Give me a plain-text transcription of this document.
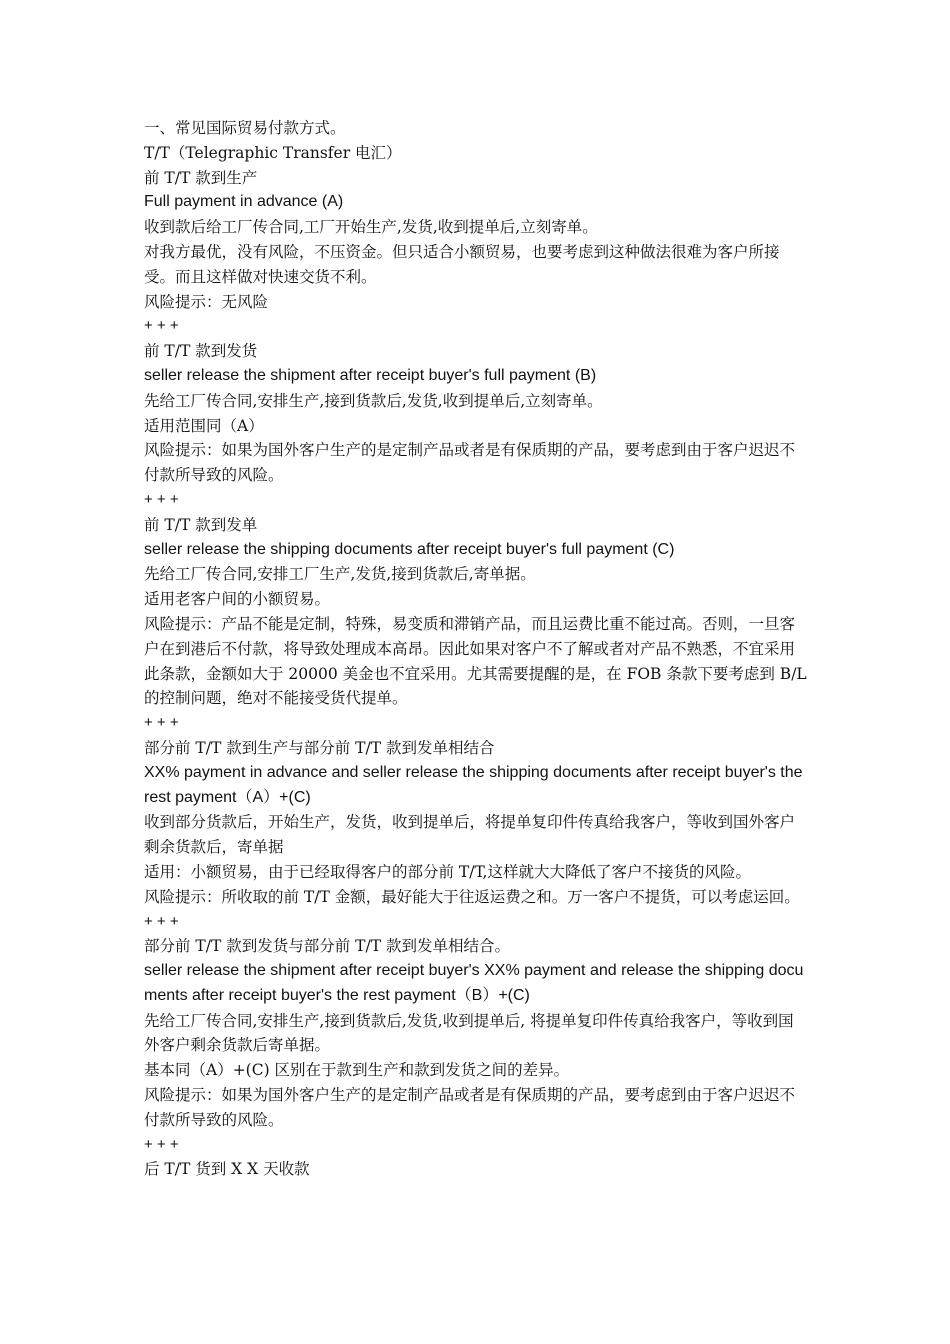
一、常见国际贸易付款方式。

T/T（Telegraphic Transfer 电汇）

前 T/T 款到生产

Full payment in advance (A)

收到款后给工厂传合同,工厂开始生产,发货,收到提单后,立刻寄单。

对我方最优，没有风险，不压资金。但只适合小额贸易，也要考虑到这种做法很难为客户所接受。而且这样做对快速交货不利。

风险提示：无风险

+ + +

前 T/T 款到发货

seller release the shipment after receipt buyer's full payment (B)

先给工厂传合同,安排生产,接到货款后,发货,收到提单后,立刻寄单。

适用范围同（A）

风险提示：如果为国外客户生产的是定制产品或者是有保质期的产品，要考虑到由于客户迟迟不付款所导致的风险。

+ + +

前 T/T 款到发单

seller release the shipping documents after receipt buyer's full payment (C)

先给工厂传合同,安排工厂生产,发货,接到货款后,寄单据。

适用老客户间的小额贸易。

风险提示：产品不能是定制，特殊，易变质和滞销产品，而且运费比重不能过高。否则，一旦客户在到港后不付款，将导致处理成本高昂。因此如果对客户不了解或者对产品不熟悉，不宜采用此条款，金额如大于 20000 美金也不宜采用。尤其需要提醒的是，在 FOB 条款下要考虑到 B/L 的控制问题，绝对不能接受货代提单。

+ + +

部分前 T/T 款到生产与部分前 T/T 款到发单相结合

XX% payment in advance and seller release the shipping documents after receipt buyer's the rest payment（A）+(C)

收到部分货款后，开始生产，发货，收到提单后，将提单复印件传真给我客户，等收到国外客户剩余货款后，寄单据

适用：小额贸易，由于已经取得客户的部分前 T/T,这样就大大降低了客户不接货的风险。

风险提示：所收取的前 T/T 金额，最好能大于往返运费之和。万一客户不提货，可以考虑运回。

+ + +

部分前 T/T 款到发货与部分前 T/T 款到发单相结合。

seller release the shipment after receipt buyer's XX% payment and release the shipping documents after receipt buyer's the rest payment（B）+(C)

先给工厂传合同,安排生产,接到货款后,发货,收到提单后, 将提单复印件传真给我客户，等收到国外客户剩余货款后寄单据。

基本同（A）+(C) 区别在于款到生产和款到发货之间的差异。

风险提示：如果为国外客户生产的是定制产品或者是有保质期的产品，要考虑到由于客户迟迟不付款所导致的风险。

+ + +

后 T/T 货到 X X 天收款
